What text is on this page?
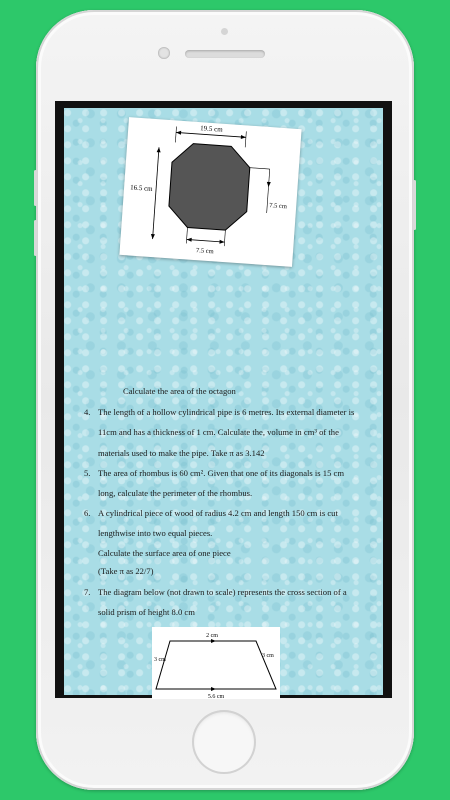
19.5 cm
16.5 cm
7.5 cm
7.5 cm
Calculate the area of the octagon
4. The length of a hollow cylindrical pipe is 6 metres. Its external diameter is
11cm and has a thickness of 1 cm. Calculate the, volume in cm³ of the
materials used to make the pipe. Take π as 3.142
5. The area of rhombus is 60 cm². Given that one of its diagonals is 15 cm
long, calculate the perimeter of the rhombus.
6. A cylindrical piece of wood of radius 4.2 cm and length 150 cm is cut
lengthwise into two equal pieces.
Calculate the surface area of one piece
(Take π as 22/7)
7. The diagram below (not drawn to scale) represents the cross section of a
solid prism of height 8.0 cm
2 cm
3 cm
3 cm
5.6 cm
